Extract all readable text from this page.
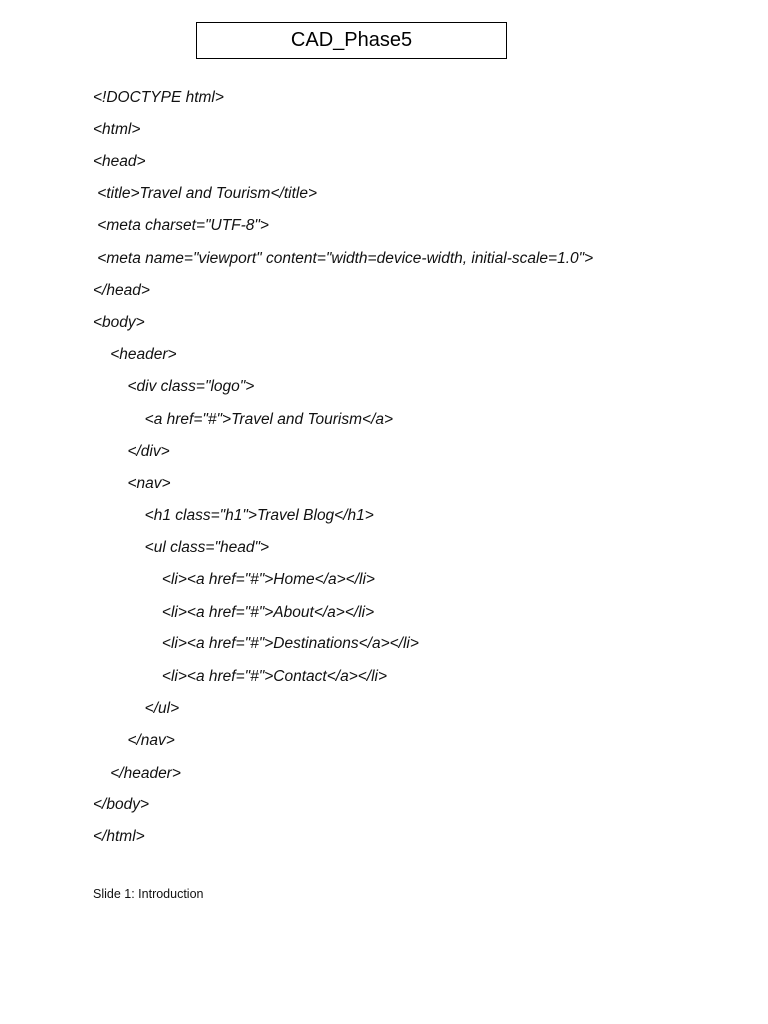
CAD_Phase5
<!DOCTYPE html>
<html>
<head>
<title>Travel and Tourism</title>
<meta charset="UTF-8">
<meta name="viewport" content="width=device-width, initial-scale=1.0">
</head>
<body>
<header>
<div class="logo">
<a href="#">Travel and Tourism</a>
</div>
<nav>
<h1 class="h1">Travel Blog</h1>
<ul class="head">
<li><a href="#">Home</a></li>
<li><a href="#">About</a></li>
<li><a href="#">Destinations</a></li>
<li><a href="#">Contact</a></li>
</ul>
</nav>
</header>
</body>
</html>
Slide 1: Introduction
